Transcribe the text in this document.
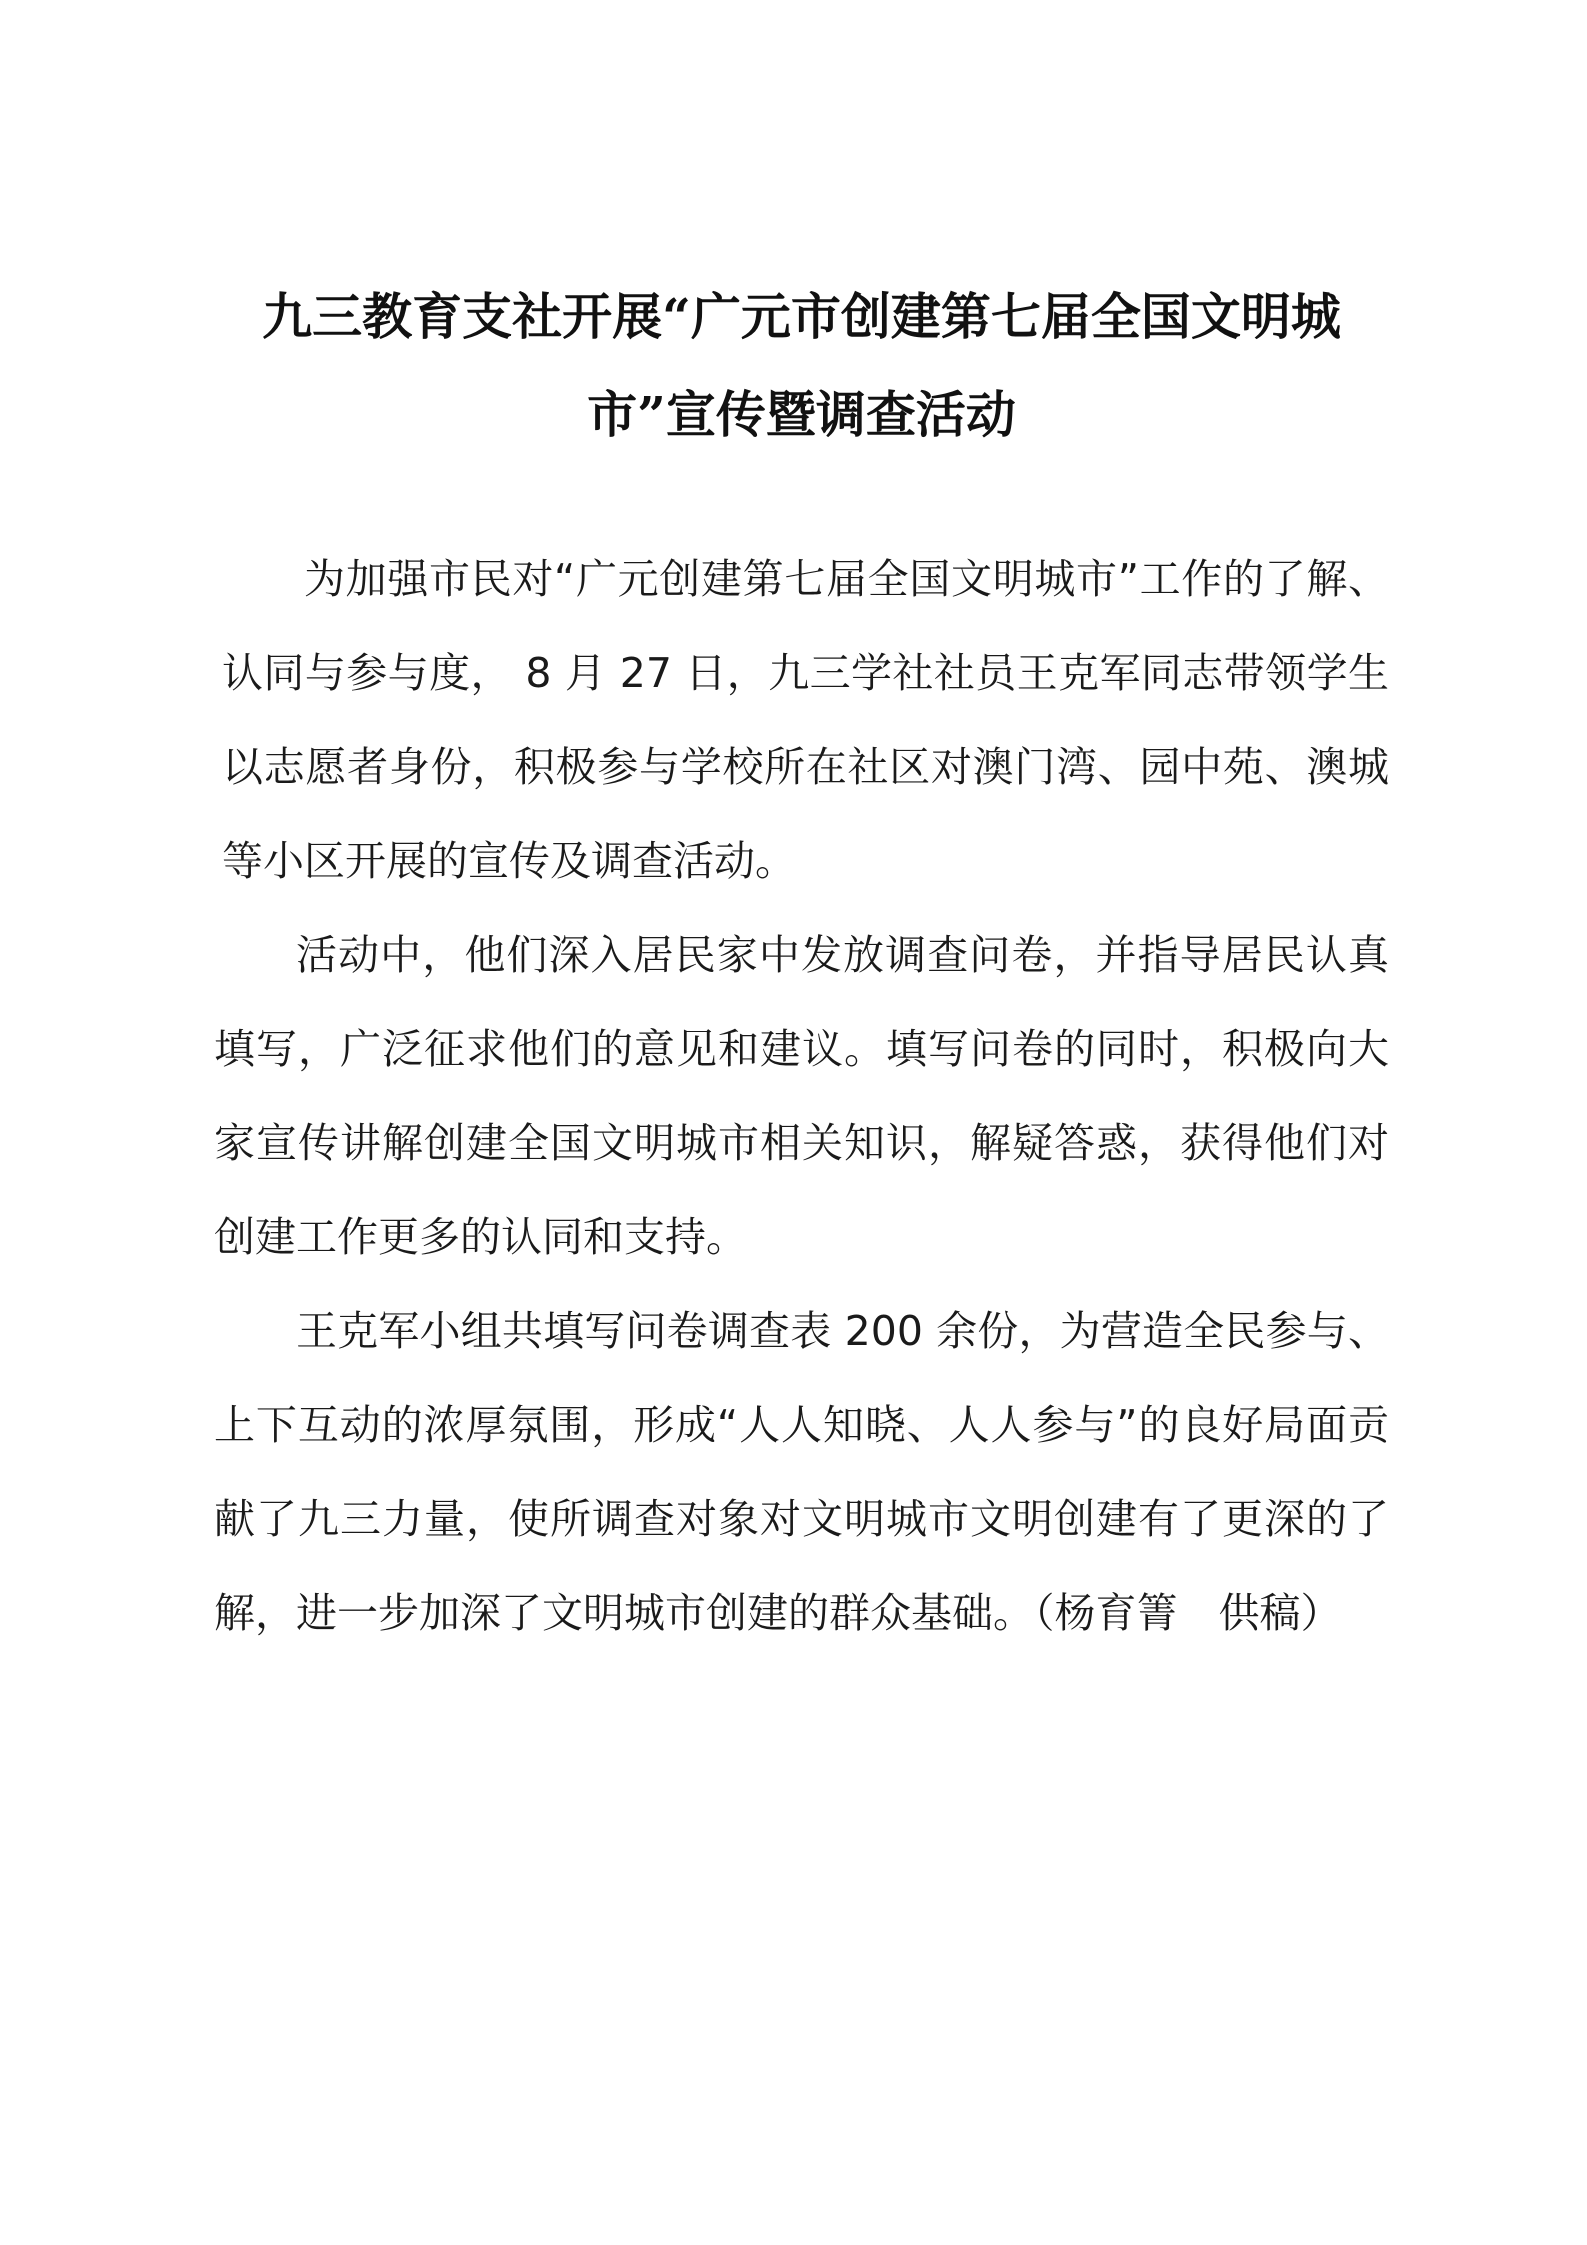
九三教育支社开展“广元市创建第七届全国文明城市”宣传暨调查活动

为加强市民对“广元创建第七届全国文明城市”工作的了解、认同与参与度， 8 月 27 日，九三学社社员王克军同志带领学生以志愿者身份，积极参与学校所在社区对澳门湾、园中苑、澳城等小区开展的宣传及调查活动。

活动中，他们深入居民家中发放调查问卷，并指导居民认真填写，广泛征求他们的意见和建议。填写问卷的同时，积极向大家宣传讲解创建全国文明城市相关知识，解疑答惑，获得他们对创建工作更多的认同和支持。

王克军小组共填写问卷调查表 200 余份，为营造全民参与、上下互动的浓厚氛围，形成“人人知晓、人人参与”的良好局面贡献了九三力量，使所调查对象对文明城市文明创建有了更深的了解，进一步加深了文明城市创建的群众基础。（杨育箐　供稿）
